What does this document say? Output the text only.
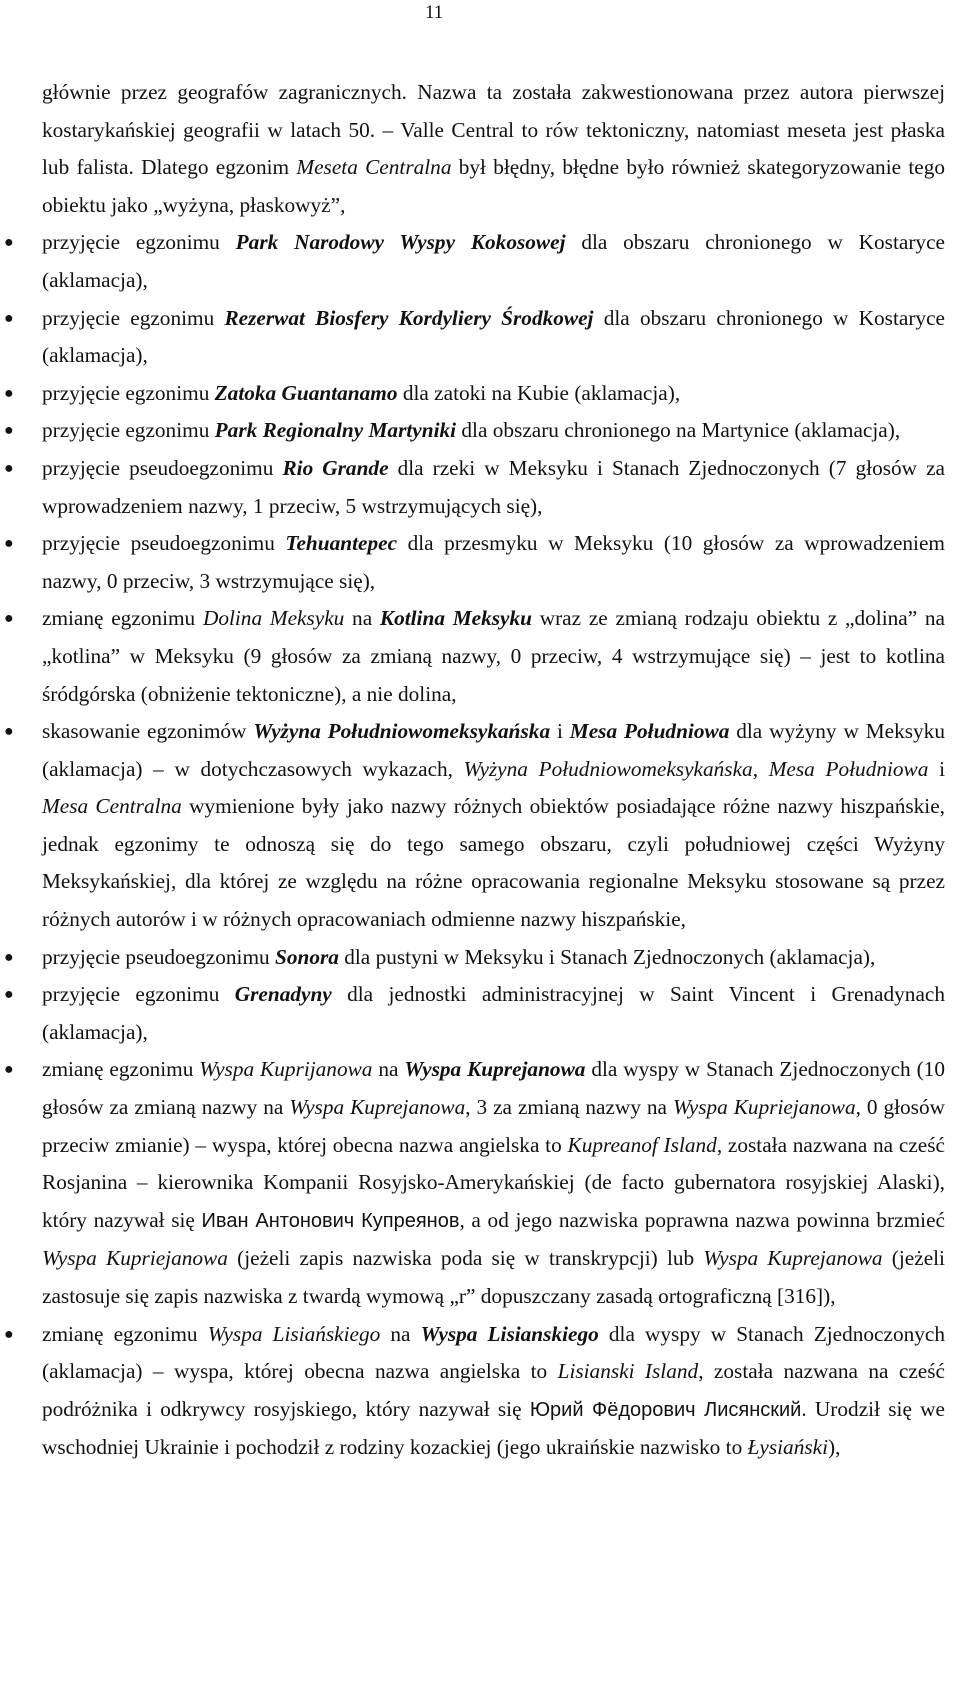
11

głównie przez geografów zagranicznych. Nazwa ta została zakwestionowana przez autora pierwszej kostarykańskiej geografii w latach 50. – Valle Central to rów tektoniczny, natomiast meseta jest płaska lub falista. Dlatego egzonim Meseta Centralna był błędny, błędne było również skategoryzowanie tego obiektu jako „wyżyna, płaskowyż”,

● przyjęcie egzonimu Park Narodowy Wyspy Kokosowej dla obszaru chronionego w Kostaryce (aklamacja),
● przyjęcie egzonimu Rezerwat Biosfery Kordyliery Środkowej dla obszaru chronionego w Kostaryce (aklamacja),
● przyjęcie egzonimu Zatoka Guantanamo dla zatoki na Kubie (aklamacja),
● przyjęcie egzonimu Park Regionalny Martyniki dla obszaru chronionego na Martynice (aklamacja),
● przyjęcie pseudoegzonimu Rio Grande dla rzeki w Meksyku i Stanach Zjednoczonych (7 głosów za wprowadzeniem nazwy, 1 przeciw, 5 wstrzymujących się),
● przyjęcie pseudoegzonimu Tehuantepec dla przesmyku w Meksyku (10 głosów za wprowadzeniem nazwy, 0 przeciw, 3 wstrzymujące się),
● zmianę egzonimu Dolina Meksyku na Kotlina Meksyku wraz ze zmianą rodzaju obiektu z „dolina” na „kotlina” w Meksyku (9 głosów za zmianą nazwy, 0 przeciw, 4 wstrzymujące się) – jest to kotlina śródgórska (obniżenie tektoniczne), a nie dolina,
● skasowanie egzonimów Wyżyna Południowomeksykańska i Mesa Południowa dla wyżyny w Meksyku (aklamacja) – w dotychczasowych wykazach, Wyżyna Południowomeksykańska, Mesa Południowa i Mesa Centralna wymienione były jako nazwy różnych obiektów posiadające różne nazwy hiszpańskie, jednak egzonimy te odnoszą się do tego samego obszaru, czyli południowej części Wyżyny Meksykańskiej, dla której ze względu na różne opracowania regionalne Meksyku stosowane są przez różnych autorów i w różnych opracowaniach odmienne nazwy hiszpańskie,
● przyjęcie pseudoegzonimu Sonora dla pustyni w Meksyku i Stanach Zjednoczonych (aklamacja),
● przyjęcie egzonimu Grenadyny dla jednostki administracyjnej w Saint Vincent i Grenadynach (aklamacja),
● zmianę egzonimu Wyspa Kuprijanowa na Wyspa Kuprejanowa dla wyspy w Stanach Zjednoczonych (10 głosów za zmianą nazwy na Wyspa Kuprejanowa, 3 za zmianą nazwy na Wyspa Kupriejanowa, 0 głosów przeciw zmianie) – wyspa, której obecna nazwa angielska to Kupreanof Island, została nazwana na cześć Rosjanina – kierownika Kompanii Rosyjsko-Amerykańskiej (de facto gubernatora rosyjskiej Alaski), który nazywał się Иван Антонович Купреянов, a od jego nazwiska poprawna nazwa powinna brzmieć Wyspa Kupriejanowa (jeżeli zapis nazwiska poda się w transkrypcji) lub Wyspa Kuprejanowa (jeżeli zastosuje się zapis nazwiska z twardą wymową „r” dopuszczany zasadą ortograficzną [316]),
● zmianę egzonimu Wyspa Lisiańskiego na Wyspa Lisianskiego dla wyspy w Stanach Zjednoczonych (aklamacja) – wyspa, której obecna nazwa angielska to Lisianski Island, została nazwana na cześć podróżnika i odkrywcy rosyjskiego, który nazywał się Юрий Фёдорович Лисянский. Urodził się we wschodniej Ukrainie i pochodził z rodziny kozackiej (jego ukraińskie nazwisko to Łysiański),
